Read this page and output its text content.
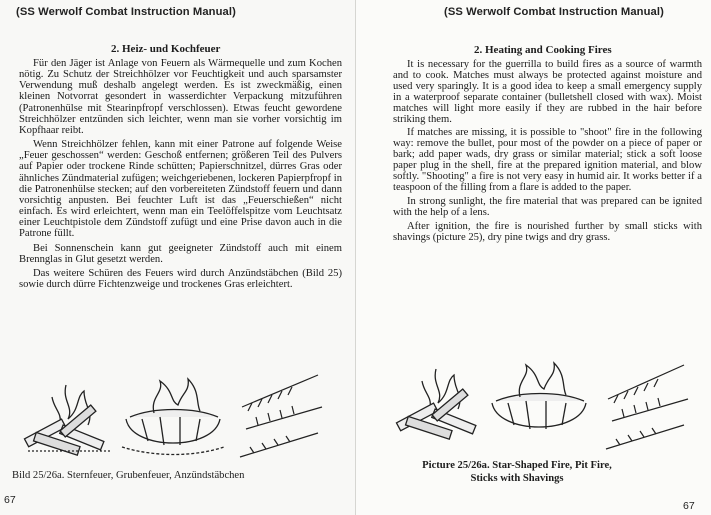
(SS Werwolf Combat Instruction Manual)
2. Heiz- und Kochfeuer

Für den Jäger ist Anlage von Feuern als Wärmequelle und zum Kochen nötig. Zu Schutz der Streichhölzer vor Feuchtigkeit und auch sparsamster Verwendung muß deshalb angelegt werden. Es ist zweckmäßig, einen kleinen Notvorrat gesondert in wasserdichter Verpackung mitzuführen (Patronenhülse mit Stearinpfropf verschlossen). Etwas feucht gewordene Streichhölzer entzünden sich leichter, wenn man sie vorher vorsichtig im Kopfhaar reibt.

Wenn Streichhölzer fehlen, kann mit einer Patrone auf folgende Weise „Feuer geschossen“ werden: Geschoß entfernen; größeren Teil des Pulvers auf Papier oder trockene Rinde schütten; Papierschnitzel, dürres Gras oder ähnliches Zündmaterial zufügen; weichgeriebenen, lockeren Papierpfropf in die Patronenhülse stecken; auf den vorbereiteten Zündstoff feuern und dann vorsichtig anpusten. Bei feuchter Luft ist das „Feuerschießen“ nicht einfach. Es wird erleichtert, wenn man ein Teelöffelspitze vom Leuchtsatz einer Leuchtpistole dem Zündstoff zufügt und eine Prise davon auch in die Patrone füllt.

Bei Sonnenschein kann gut geeigneter Zündstoff auch mit einem Brennglas in Glut gesetzt werden.

Das weitere Schüren des Feuers wird durch Anzündstäbchen (Bild 25) sowie durch dürre Fichtenzweige und trockenes Gras erleichtert.

Bild 25/26a. Sternfeuer, Grubenfeuer, Anzündstäbchen
67
(SS Werwolf Combat Instruction Manual)
2. Heating and Cooking Fires

It is necessary for the guerrilla to build fires as a source of warmth and to cook. Matches must always be protected against moisture and used very sparingly. It is a good idea to keep a small emergency supply in a waterproof separate container (bulletshell closed with wax). Moist matches will light more easily if they are rubbed in the hair before striking them.

If matches are missing, it is possible to "shoot" fire in the following way: remove the bullet, pour most of the powder on a piece of paper or bark; add paper wads, dry grass or similar material; stick a soft loose paper plug in the shell, fire at the prepared ignition material, and blow softly. "Shooting" a fire is not very easy in humid air. It works better if a teaspoon of the filling from a flare is added to the paper.

In strong sunlight, the fire material that was prepared can be ignited with the help of a lens.

After ignition, the fire is nourished further by small sticks with shavings (picture 25), dry pine twigs and dry grass.

Picture 25/26a. Star-Shaped Fire, Pit Fire,
Sticks with Shavings
67
